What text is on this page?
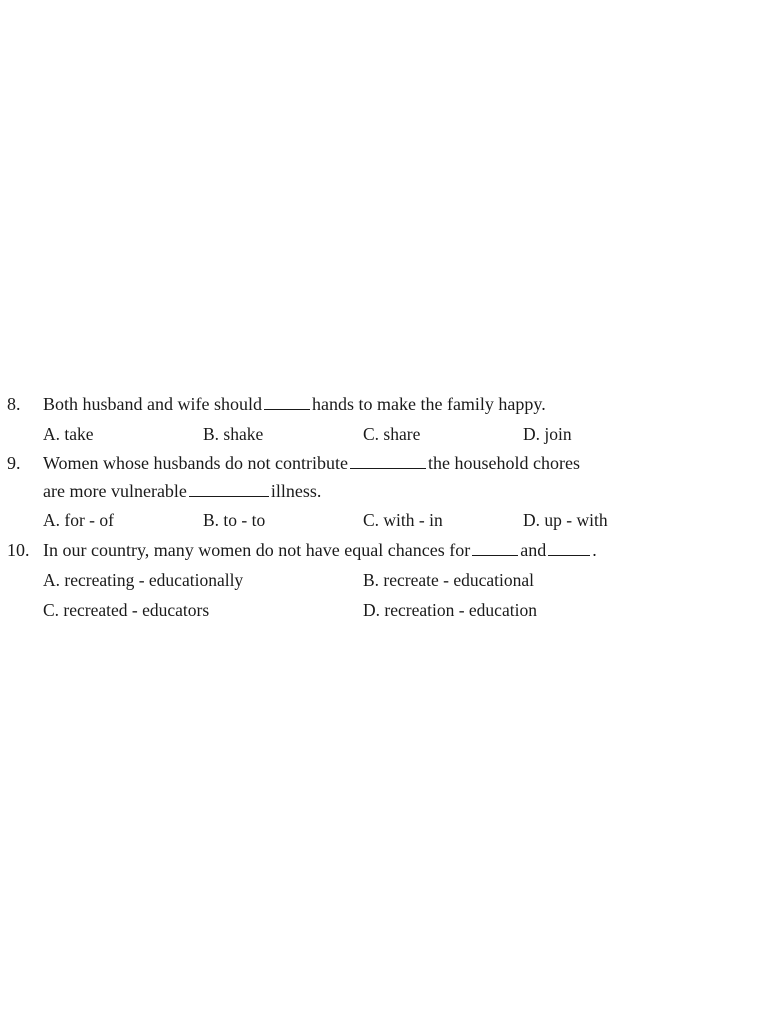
8. Both husband and wife should	hands to make the family happy.
A. take	B. shake	C. share	D. join
9. Women whose husbands do not contribute	the household chores
are more vulnerable	illness.
A. for - of	B. to - to	C. with - in	D. up - with
10. In our country, many women do not have equal chances for	and	.
A. recreating - educationally	B. recreate - educational
C. recreated - educators	D. recreation - education
